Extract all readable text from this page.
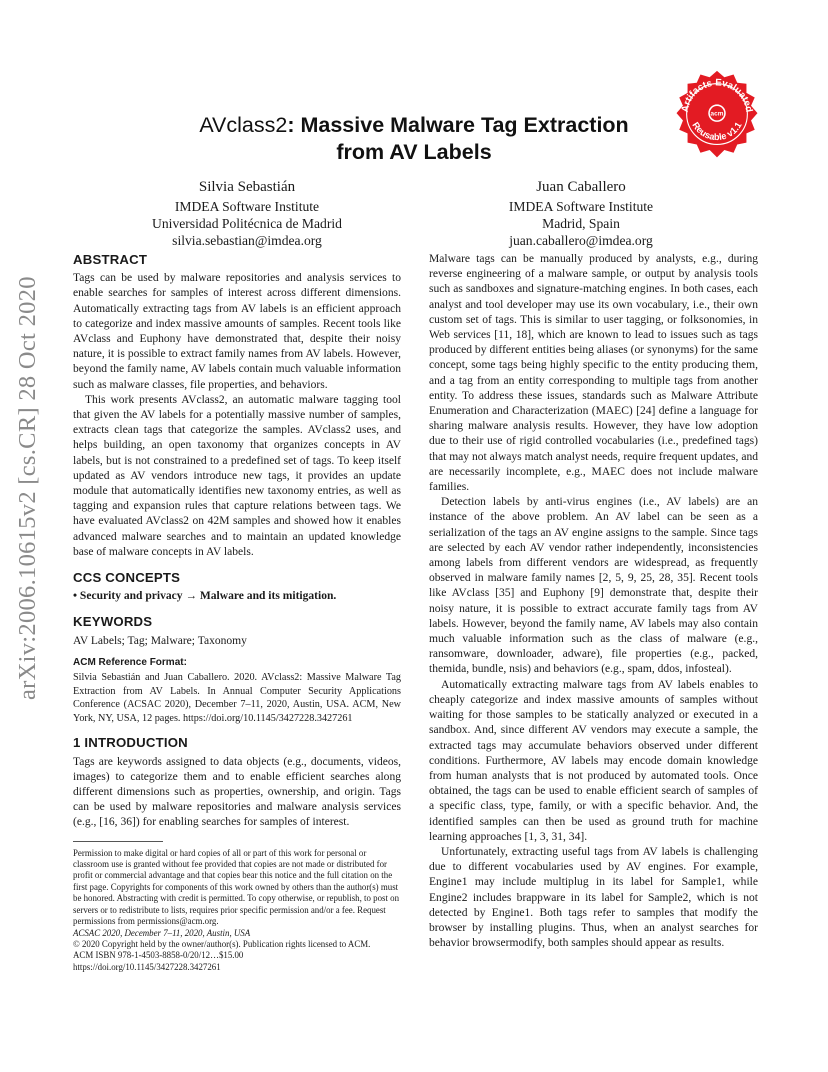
arXiv:2006.10615v2 [cs.CR] 28 Oct 2020
Artifacts Evaluated
Reusable v1.1
acm
AVclass2: Massive Malware Tag Extraction
from AV Labels
Silvia Sebastián
IMDEA Software Institute
Universidad Politécnica de Madrid
silvia.sebastian@imdea.org
Juan Caballero
IMDEA Software Institute
Madrid, Spain
juan.caballero@imdea.org
ABSTRACT

Tags can be used by malware repositories and analysis services to enable searches for samples of interest across different dimensions. Automatically extracting tags from AV labels is an efficient approach to categorize and index massive amounts of samples. Recent tools like AVclass and Euphony have demonstrated that, despite their noisy nature, it is possible to extract family names from AV labels. However, beyond the family name, AV labels contain much valuable information such as malware classes, file properties, and behaviors.

This work presents AVclass2, an automatic malware tagging tool that given the AV labels for a potentially massive number of samples, extracts clean tags that categorize the samples. AVclass2 uses, and helps building, an open taxonomy that organizes concepts in AV labels, but is not constrained to a predefined set of tags. To keep itself updated as AV vendors introduce new tags, it provides an update module that automatically identifies new taxonomy entries, as well as tagging and expansion rules that capture relations between tags. We have evaluated AVclass2 on 42M samples and showed how it enables advanced malware searches and to maintain an updated knowledge base of malware concepts in AV labels.

CCS CONCEPTS

• Security and privacy → Malware and its mitigation.

KEYWORDS

AV Labels; Tag; Malware; Taxonomy

ACM Reference Format:

Silvia Sebastián and Juan Caballero. 2020. AVclass2: Massive Malware Tag Extraction from AV Labels. In Annual Computer Security Applications Conference (ACSAC 2020), December 7–11, 2020, Austin, USA. ACM, New York, NY, USA, 12 pages. https://doi.org/10.1145/3427228.3427261

1 INTRODUCTION

Tags are keywords assigned to data objects (e.g., documents, videos, images) to categorize them and to enable efficient searches along different dimensions such as properties, ownership, and origin. Tags can be used by malware repositories and malware analysis services (e.g., [16, 36]) for enabling searches for samples of interest.

Permission to make digital or hard copies of all or part of this work for personal or classroom use is granted without fee provided that copies are not made or distributed for profit or commercial advantage and that copies bear this notice and the full citation on the first page. Copyrights for components of this work owned by others than the author(s) must be honored. Abstracting with credit is permitted. To copy otherwise, or republish, to post on servers or to redistribute to lists, requires prior specific permission and/or a fee. Request permissions from permissions@acm.org.

ACSAC 2020, December 7–11, 2020, Austin, USA

© 2020 Copyright held by the owner/author(s). Publication rights licensed to ACM.

ACM ISBN 978-1-4503-8858-0/20/12…$15.00

https://doi.org/10.1145/3427228.3427261

Malware tags can be manually produced by analysts, e.g., during reverse engineering of a malware sample, or output by analysis tools such as sandboxes and signature-matching engines. In both cases, each analyst and tool developer may use its own vocabulary, i.e., their own custom set of tags. This is similar to user tagging, or folksonomies, in Web services [11, 18], which are known to lead to issues such as tags produced by different entities being aliases (or synonyms) for the same concept, some tags being highly specific to the entity producing them, and a tag from an entity corresponding to multiple tags from another entity. To address these issues, standards such as Malware Attribute Enumeration and Characterization (MAEC) [24] define a language for sharing malware analysis results. However, they have low adoption due to their use of rigid controlled vocabularies (i.e., predefined tags) that may not always match analyst needs, require frequent updates, and are necessarily incomplete, e.g., MAEC does not include malware families.

Detection labels by anti-virus engines (i.e., AV labels) are an instance of the above problem. An AV label can be seen as a serialization of the tags an AV engine assigns to the sample. Since tags are selected by each AV vendor rather independently, inconsistencies among labels from different vendors are widespread, as frequently observed in malware family names [2, 5, 9, 25, 28, 35]. Recent tools like AVclass [35] and Euphony [9] demonstrate that, despite their noisy nature, it is possible to extract accurate family tags from AV labels. However, beyond the family name, AV labels may also contain much valuable information such as the class of malware (e.g., ransomware, downloader, adware), file properties (e.g., packed, themida, bundle, nsis) and behaviors (e.g., spam, ddos, infosteal).

Automatically extracting malware tags from AV labels enables to cheaply categorize and index massive amounts of samples without waiting for those samples to be statically analyzed or executed in a sandbox. And, since different AV vendors may execute a sample, the extracted tags may accumulate behaviors observed under different conditions. Furthermore, AV labels may encode domain knowledge from human analysts that is not produced by automated tools. Once obtained, the tags can be used to enable efficient search of samples of a specific class, type, family, or with a specific behavior. And, the identified samples can then be used as ground truth for machine learning approaches [1, 3, 31, 34].

Unfortunately, extracting useful tags from AV labels is challenging due to different vocabularies used by AV engines. For example, Engine1 may include multiplug in its label for Sample1, while Engine2 includes brappware in its label for Sample2, which is not detected by Engine1. Both tags refer to samples that modify the browser by installing plugins. Thus, when an analyst searches for behavior browsermodify, both samples should appear as results.
